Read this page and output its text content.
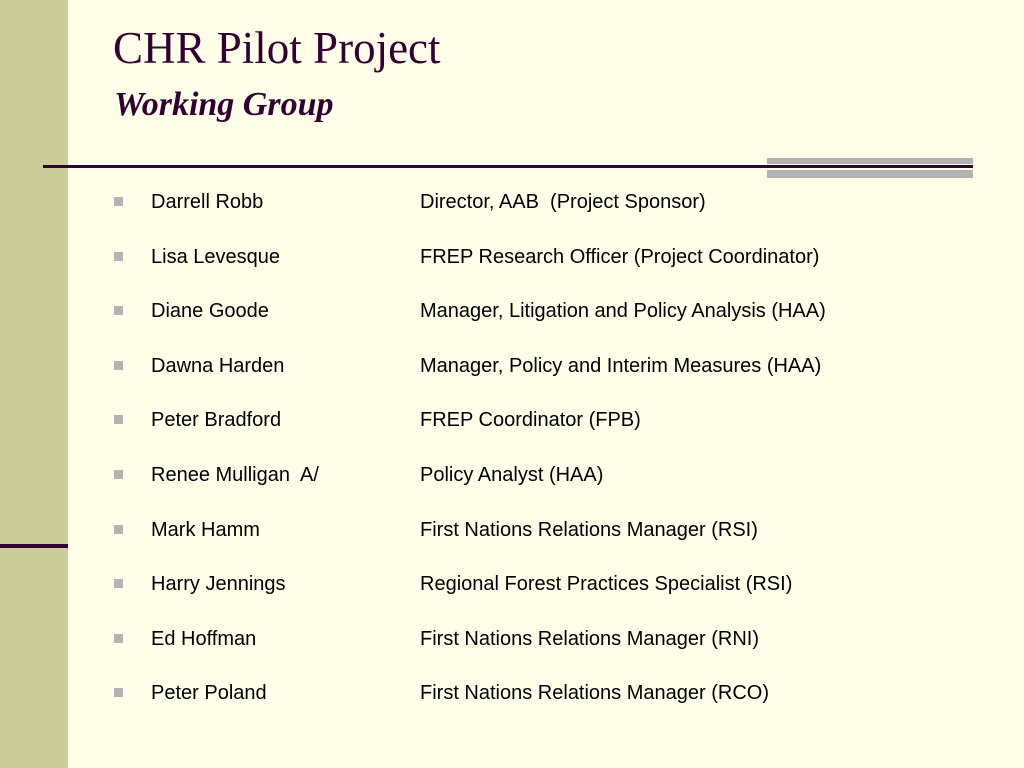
CHR Pilot Project
Working Group
Darrell Robb	Director, AAB  (Project Sponsor)
Lisa Levesque	FREP Research Officer (Project Coordinator)
Diane Goode	Manager, Litigation and Policy Analysis (HAA)
Dawna Harden	Manager, Policy and Interim Measures (HAA)
Peter Bradford	FREP Coordinator (FPB)
Renee Mulligan  A/	Policy Analyst (HAA)
Mark Hamm	First Nations Relations Manager (RSI)
Harry Jennings	Regional Forest Practices Specialist (RSI)
Ed Hoffman	First Nations Relations Manager (RNI)
Peter Poland	First Nations Relations Manager (RCO)
